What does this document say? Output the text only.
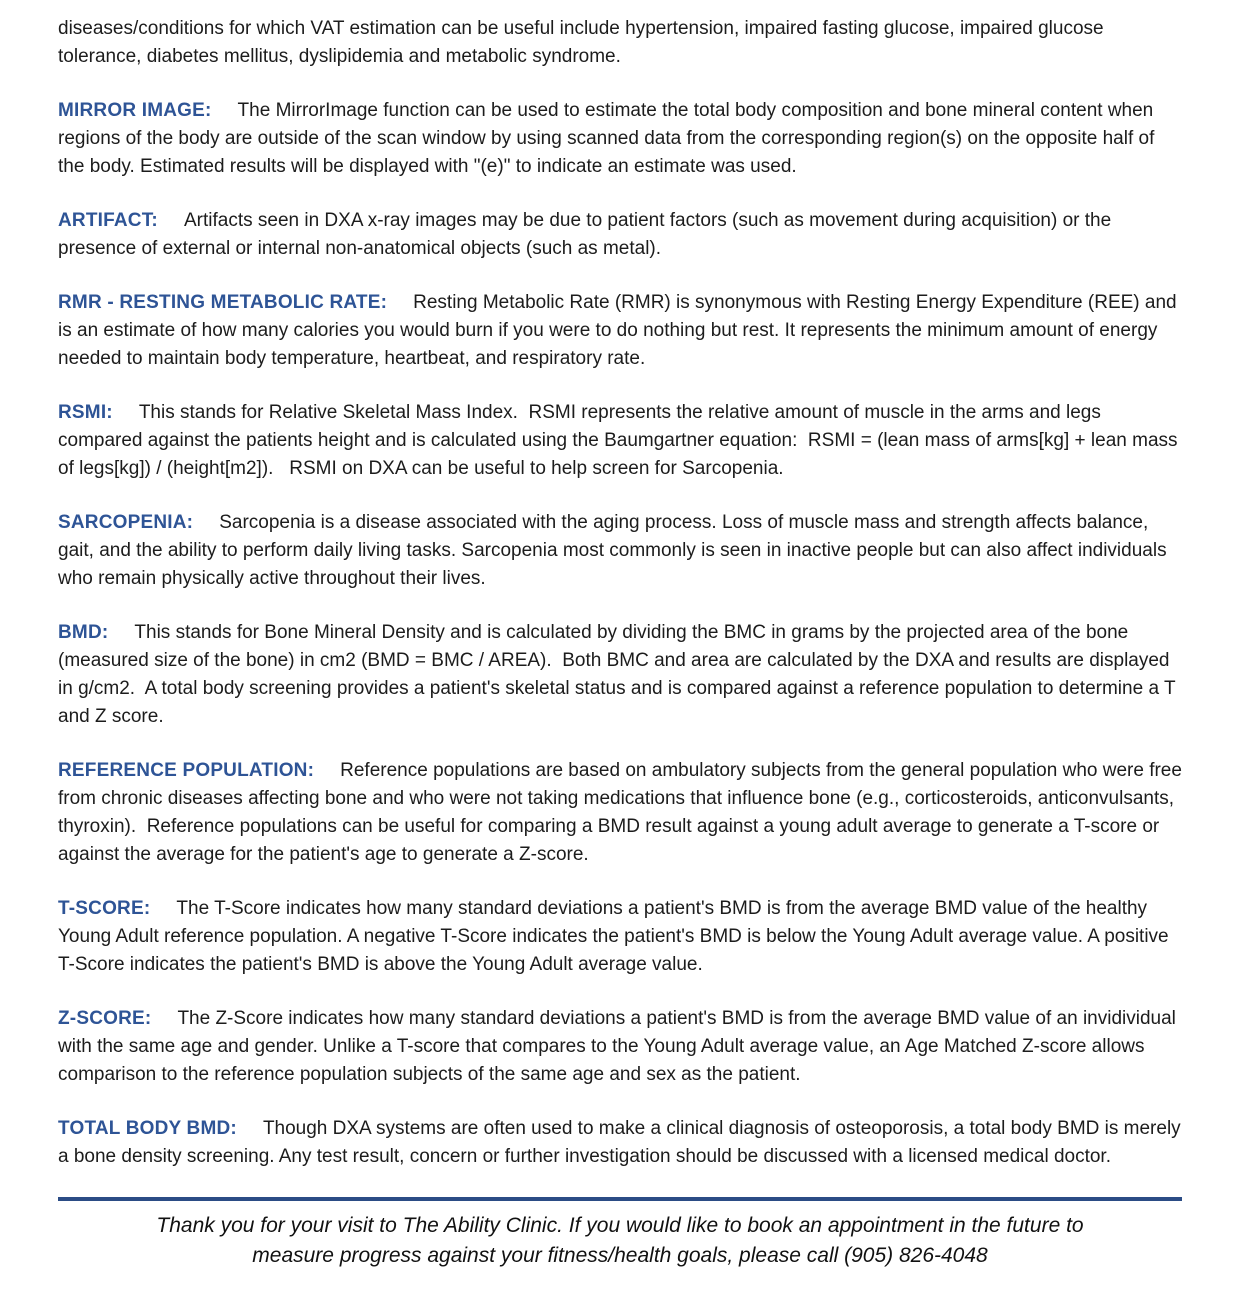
diseases/conditions for which VAT estimation can be useful include hypertension, impaired fasting glucose, impaired glucose tolerance, diabetes mellitus, dyslipidemia and metabolic syndrome.

MIRROR IMAGE: The MirrorImage function can be used to estimate the total body composition and bone mineral content when regions of the body are outside of the scan window by using scanned data from the corresponding region(s) on the opposite half of the body. Estimated results will be displayed with "(e)" to indicate an estimate was used.

ARTIFACT: Artifacts seen in DXA x-ray images may be due to patient factors (such as movement during acquisition) or the presence of external or internal non-anatomical objects (such as metal).

RMR - RESTING METABOLIC RATE: Resting Metabolic Rate (RMR) is synonymous with Resting Energy Expenditure (REE) and is an estimate of how many calories you would burn if you were to do nothing but rest. It represents the minimum amount of energy needed to maintain body temperature, heartbeat, and respiratory rate.

RSMI: This stands for Relative Skeletal Mass Index.  RSMI represents the relative amount of muscle in the arms and legs compared against the patients height and is calculated using the Baumgartner equation:  RSMI = (lean mass of arms[kg] + lean mass of legs[kg]) / (height[m2]).   RSMI on DXA can be useful to help screen for Sarcopenia.

SARCOPENIA: Sarcopenia is a disease associated with the aging process. Loss of muscle mass and strength affects balance, gait, and the ability to perform daily living tasks. Sarcopenia most commonly is seen in inactive people but can also affect individuals who remain physically active throughout their lives.

BMD: This stands for Bone Mineral Density and is calculated by dividing the BMC in grams by the projected area of the bone (measured size of the bone) in cm2 (BMD = BMC / AREA).  Both BMC and area are calculated by the DXA and results are displayed in g/cm2.  A total body screening provides a patient's skeletal status and is compared against a reference population to determine a T and Z score.

REFERENCE POPULATION: Reference populations are based on ambulatory subjects from the general population who were free from chronic diseases affecting bone and who were not taking medications that influence bone (e.g., corticosteroids, anticonvulsants, thyroxin).  Reference populations can be useful for comparing a BMD result against a young adult average to generate a T-score or against the average for the patient's age to generate a Z-score.

T-SCORE: The T-Score indicates how many standard deviations a patient's BMD is from the average BMD value of the healthy Young Adult reference population. A negative T-Score indicates the patient's BMD is below the Young Adult average value. A positive T-Score indicates the patient's BMD is above the Young Adult average value.

Z-SCORE: The Z-Score indicates how many standard deviations a patient's BMD is from the average BMD value of an invidividual with the same age and gender. Unlike a T-score that compares to the Young Adult average value, an Age Matched Z-score allows comparison to the reference population subjects of the same age and sex as the patient.

TOTAL BODY BMD: Though DXA systems are often used to make a clinical diagnosis of osteoporosis, a total body BMD is merely a bone density screening. Any test result, concern or further investigation should be discussed with a licensed medical doctor.

Thank you for your visit to The Ability Clinic. If you would like to book an appointment in the future to
measure progress against your fitness/health goals, please call (905) 826-4048
